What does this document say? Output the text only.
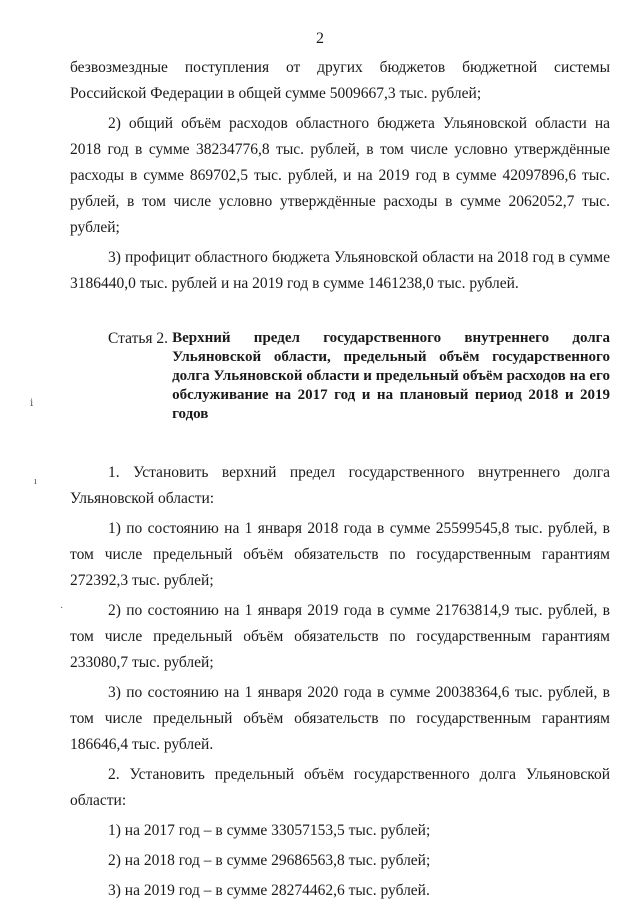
2

безвозмездные поступления от других бюджетов бюджетной системы Российской Федерации в общей сумме 5009667,3 тыс. рублей;

2) общий объём расходов областного бюджета Ульяновской области на 2018 год в сумме 38234776,8 тыс. рублей, в том числе условно утверждённые расходы в сумме 869702,5 тыс. рублей, и на 2019 год в сумме 42097896,6 тыс. рублей, в том числе условно утверждённые расходы в сумме 2062052,7 тыс. рублей;

3) профицит областного бюджета Ульяновской области на 2018 год в сумме 3186440,0 тыс. рублей и на 2019 год в сумме 1461238,0 тыс. рублей.

Статья 2. Верхний предел государственного внутреннего долга Ульяновской области, предельный объём государственного долга Ульяновской области и предельный объём расходов на его обслуживание на 2017 год и на плановый период 2018 и 2019 годов

1. Установить верхний предел государственного внутреннего долга Ульяновской области:

1) по состоянию на 1 января 2018 года в сумме 25599545,8 тыс. рублей, в том числе предельный объём обязательств по государственным гарантиям 272392,3 тыс. рублей;

2) по состоянию на 1 января 2019 года в сумме 21763814,9 тыс. рублей, в том числе предельный объём обязательств по государственным гарантиям 233080,7 тыс. рублей;

3) по состоянию на 1 января 2020 года в сумме 20038364,6 тыс. рублей, в том числе предельный объём обязательств по государственным гарантиям 186646,4 тыс. рублей.

2. Установить предельный объём государственного долга Ульяновской области:

1) на 2017 год – в сумме 33057153,5 тыс. рублей;

2) на 2018 год – в сумме 29686563,8 тыс. рублей;

3) на 2019 год – в сумме 28274462,6 тыс. рублей.

ⅰ
ı
·
